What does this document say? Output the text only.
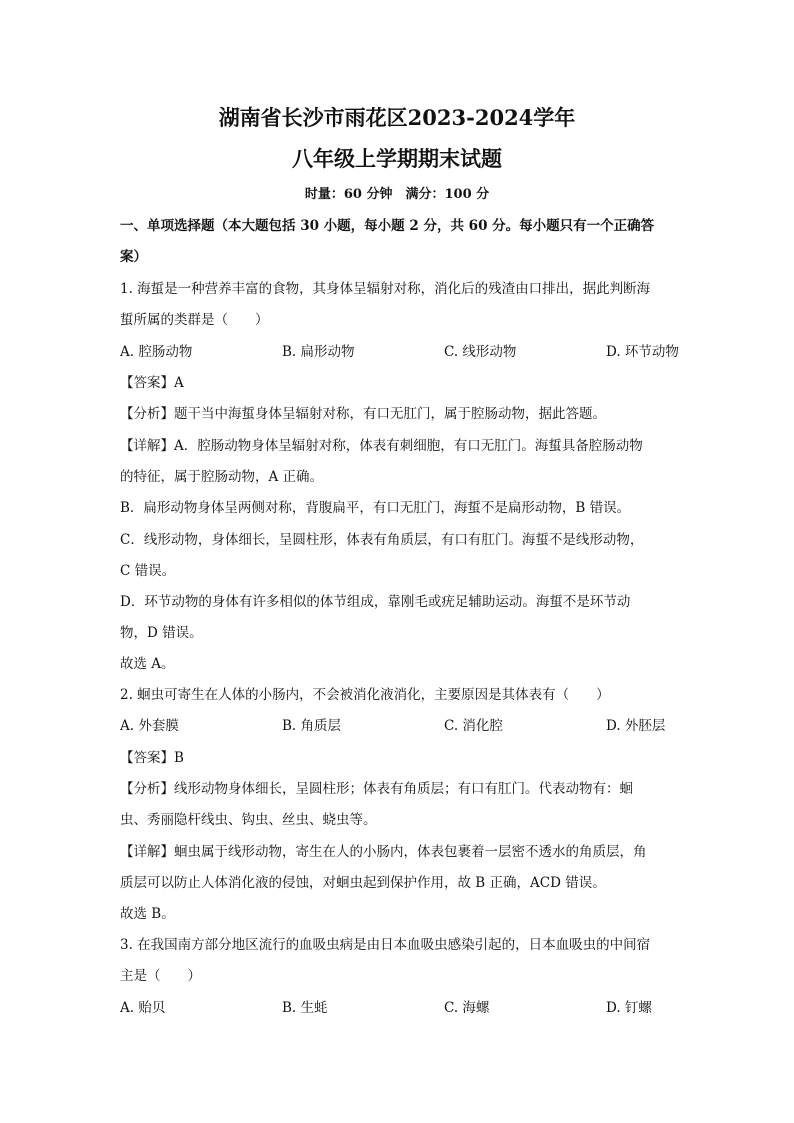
湖南省长沙市雨花区2023-2024学年
八年级上学期期末试题
时量：60 分钟　满分：100 分
一、单项选择题（本大题包括 30 小题，每小题 2 分，共 60 分。每小题只有一个正确答
案）
1. 海蜇是一种营养丰富的食物，其身体呈辐射对称，消化后的残渣由口排出，据此判断海
蜇所属的类群是（　　）
A. 腔肠动物	B. 扁形动物	C. 线形动物	D. 环节动物
【答案】A
【分析】题干当中海蜇身体呈辐射对称，有口无肛门，属于腔肠动物，据此答题。
【详解】A．腔肠动物身体呈辐射对称，体表有刺细胞，有口无肛门。海蜇具备腔肠动物
的特征，属于腔肠动物，A 正确。
B．扁形动物身体呈两侧对称，背腹扁平，有口无肛门，海蜇不是扁形动物，B 错误。
C．线形动物，身体细长，呈圆柱形，体表有角质层，有口有肛门。海蜇不是线形动物，
C 错误。
D．环节动物的身体有许多相似的体节组成，靠刚毛或疣足辅助运动。海蜇不是环节动
物，D 错误。
故选 A。
2. 蛔虫可寄生在人体的小肠内，不会被消化液消化，主要原因是其体表有（　　）
A. 外套膜	B. 角质层	C. 消化腔	D. 外胚层
【答案】B
【分析】线形动物身体细长，呈圆柱形；体表有角质层；有口有肛门。代表动物有：蛔
虫、秀丽隐杆线虫、钩虫、丝虫、蛲虫等。
【详解】蛔虫属于线形动物，寄生在人的小肠内，体表包裹着一层密不透水的角质层，角
质层可以防止人体消化液的侵蚀，对蛔虫起到保护作用，故 B 正确，ACD 错误。
故选 B。
3. 在我国南方部分地区流行的血吸虫病是由日本血吸虫感染引起的，日本血吸虫的中间宿
主是（　　）
A. 贻贝	B. 生蚝	C. 海螺	D. 钉螺
